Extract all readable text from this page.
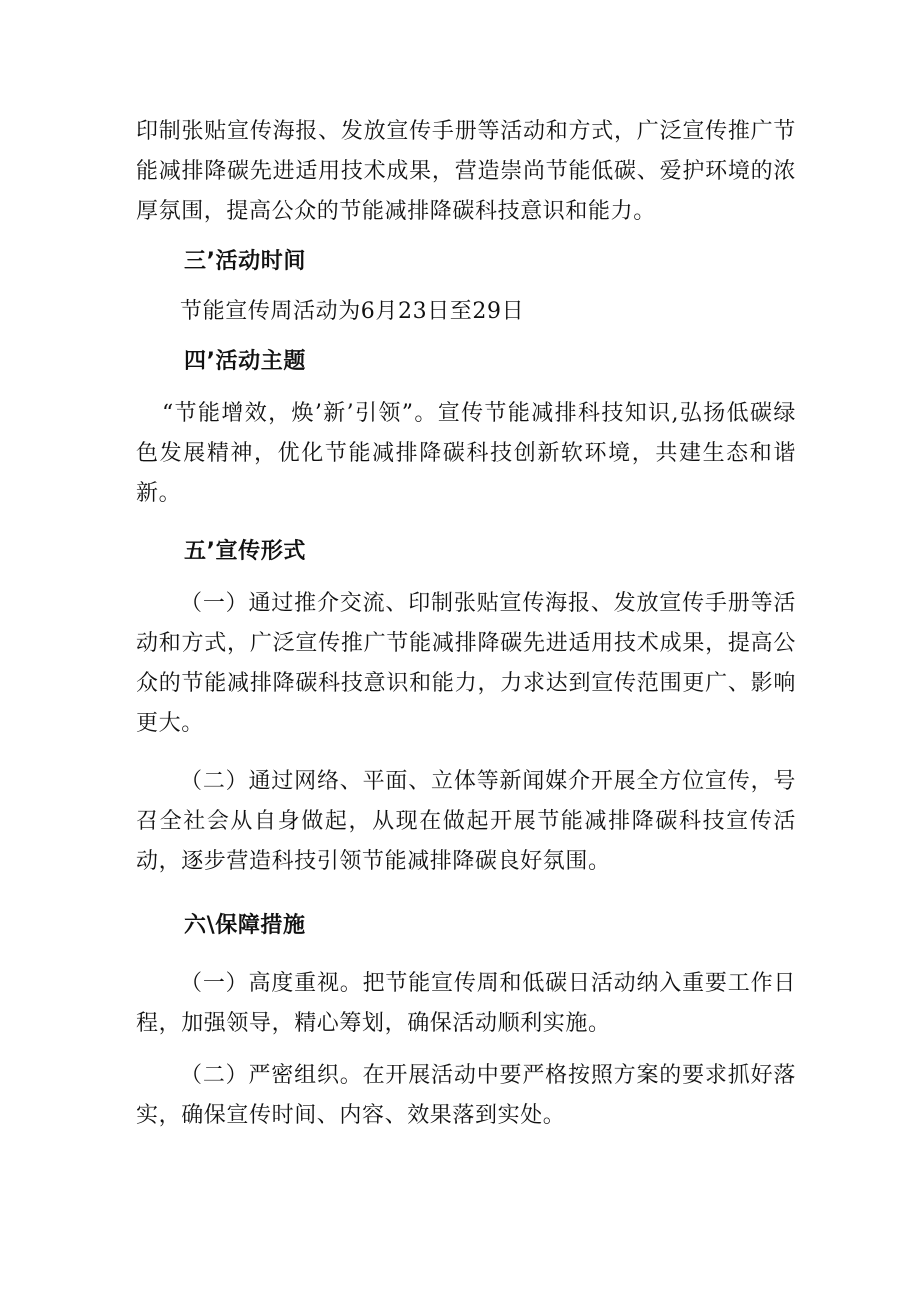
印制张贴宣传海报、发放宣传手册等活动和方式，广泛宣传推广节能减排降碳先进适用技术成果，营造崇尚节能低碳、爱护环境的浓厚氛围，提高公众的节能减排降碳科技意识和能力。

三’活动时间

节能宣传周活动为6月23日至29日

四’活动主题

“节能增效，焕’新’引领”。宣传节能减排科技知识,弘扬低碳绿色发展精神，优化节能减排降碳科技创新软环境，共建生态和谐新。

五’宣传形式

（一）通过推介交流、印制张贴宣传海报、发放宣传手册等活动和方式，广泛宣传推广节能减排降碳先进适用技术成果，提高公众的节能减排降碳科技意识和能力，力求达到宣传范围更广、影响更大。

（二）通过网络、平面、立体等新闻媒介开展全方位宣传，号召全社会从自身做起，从现在做起开展节能减排降碳科技宣传活动，逐步营造科技引领节能减排降碳良好氛围。

六\保障措施

（一）高度重视。把节能宣传周和低碳日活动纳入重要工作日程，加强领导，精心筹划，确保活动顺利实施。

（二）严密组织。在开展活动中要严格按照方案的要求抓好落实，确保宣传时间、内容、效果落到实处。
